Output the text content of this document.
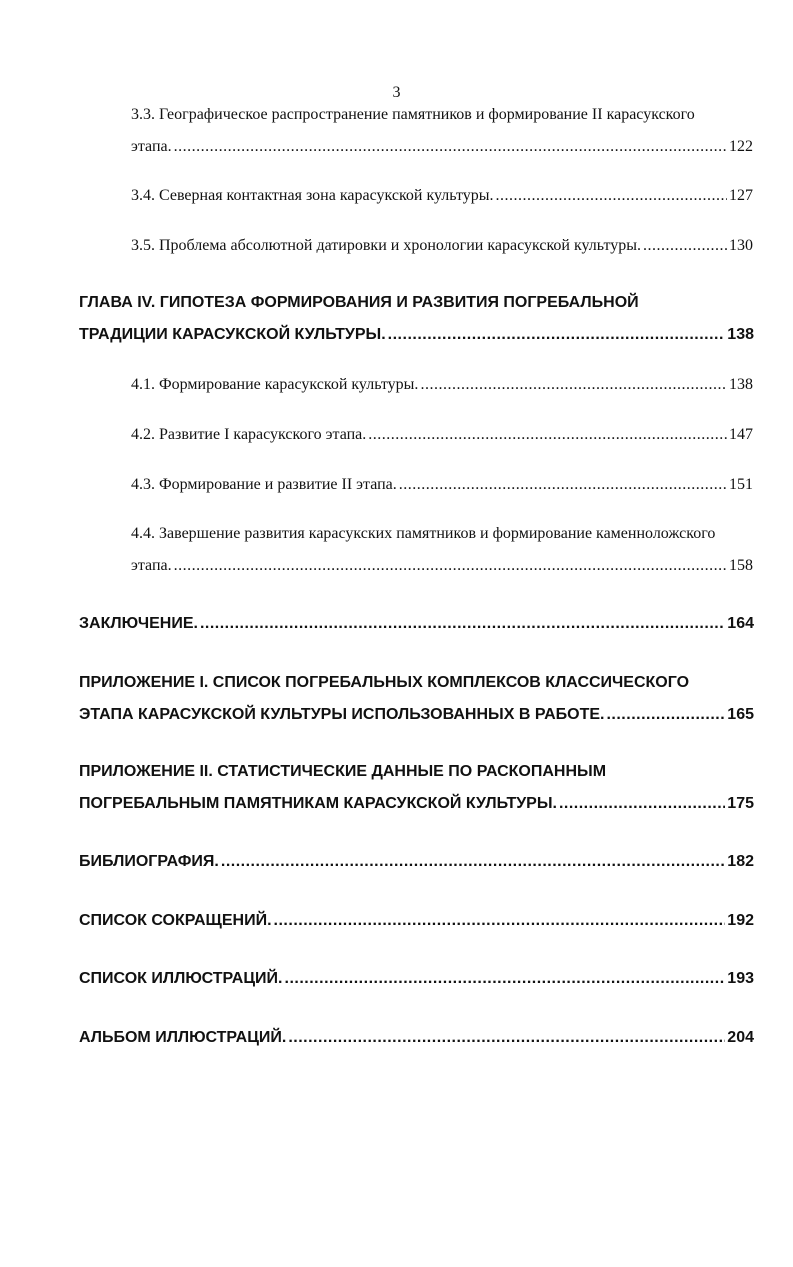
3
3.3. Географическое распространение памятников и формирование II карасукского
этапа. .....	122
3.4. Северная контактная зона карасукской культуры. .....	127
3.5. Проблема абсолютной датировки и хронологии карасукской культуры. .....	130
ГЛАВА IV. ГИПОТЕЗА ФОРМИРОВАНИЯ И РАЗВИТИЯ ПОГРЕБАЛЬНОЙ
ТРАДИЦИИ КАРАСУКСКОЙ КУЛЬТУРЫ. .....	138
4.1. Формирование карасукской культуры. .....	138
4.2. Развитие I карасукского этапа. .....	147
4.3. Формирование и развитие II этапа. .....	151
4.4. Завершение развития карасукских памятников и формирование каменноложского
этапа. .....	158
ЗАКЛЮЧЕНИЕ. .....	164
ПРИЛОЖЕНИЕ I. СПИСОК ПОГРЕБАЛЬНЫХ КОМПЛЕКСОВ КЛАССИЧЕСКОГО
ЭТАПА КАРАСУКСКОЙ КУЛЬТУРЫ ИСПОЛЬЗОВАННЫХ В РАБОТЕ. .....	165
ПРИЛОЖЕНИЕ II. СТАТИСТИЧЕСКИЕ ДАННЫЕ ПО РАСКОПАННЫМ
ПОГРЕБАЛЬНЫМ ПАМЯТНИКАМ КАРАСУКСКОЙ КУЛЬТУРЫ. .....	175
БИБЛИОГРАФИЯ. .....	182
СПИСОК СОКРАЩЕНИЙ. .....	192
СПИСОК ИЛЛЮСТРАЦИЙ. .....	193
АЛЬБОМ ИЛЛЮСТРАЦИЙ. .....	204
